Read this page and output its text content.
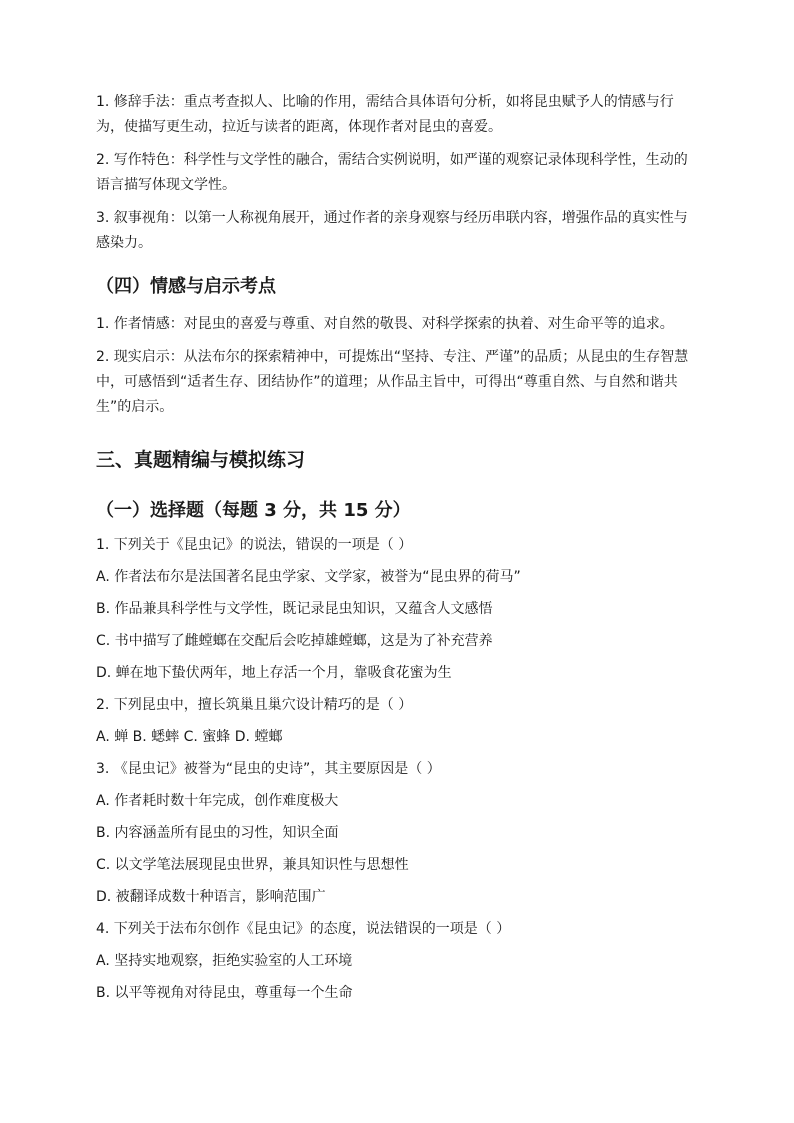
1. 修辞手法：重点考查拟人、比喻的作用，需结合具体语句分析，如将昆虫赋予人的情感与行为，使描写更生动，拉近与读者的距离，体现作者对昆虫的喜爱。

2. 写作特色：科学性与文学性的融合，需结合实例说明，如严谨的观察记录体现科学性，生动的语言描写体现文学性。

3. 叙事视角：以第一人称视角展开，通过作者的亲身观察与经历串联内容，增强作品的真实性与感染力。

（四）情感与启示考点

1. 作者情感：对昆虫的喜爱与尊重、对自然的敬畏、对科学探索的执着、对生命平等的追求。

2. 现实启示：从法布尔的探索精神中，可提炼出“坚持、专注、严谨”的品质；从昆虫的生存智慧中，可感悟到“适者生存、团结协作”的道理；从作品主旨中，可得出“尊重自然、与自然和谐共生”的启示。

三、真题精编与模拟练习
（一）选择题（每题 3 分，共 15 分）
1. 下列关于《昆虫记》的说法，错误的一项是（ ）
A. 作者法布尔是法国著名昆虫学家、文学家，被誉为“昆虫界的荷马”
B. 作品兼具科学性与文学性，既记录昆虫知识，又蕴含人文感悟
C. 书中描写了雌螳螂在交配后会吃掉雄螳螂，这是为了补充营养
D. 蝉在地下蛰伏两年，地上存活一个月，靠吸食花蜜为生
2. 下列昆虫中，擅长筑巢且巢穴设计精巧的是（ ）
A. 蝉 B. 蟋蟀 C. 蜜蜂 D. 螳螂
3. 《昆虫记》被誉为“昆虫的史诗”，其主要原因是（ ）
A. 作者耗时数十年完成，创作难度极大
B. 内容涵盖所有昆虫的习性，知识全面
C. 以文学笔法展现昆虫世界，兼具知识性与思想性
D. 被翻译成数十种语言，影响范围广
4. 下列关于法布尔创作《昆虫记》的态度，说法错误的一项是（ ）
A. 坚持实地观察，拒绝实验室的人工环境
B. 以平等视角对待昆虫，尊重每一个生命
